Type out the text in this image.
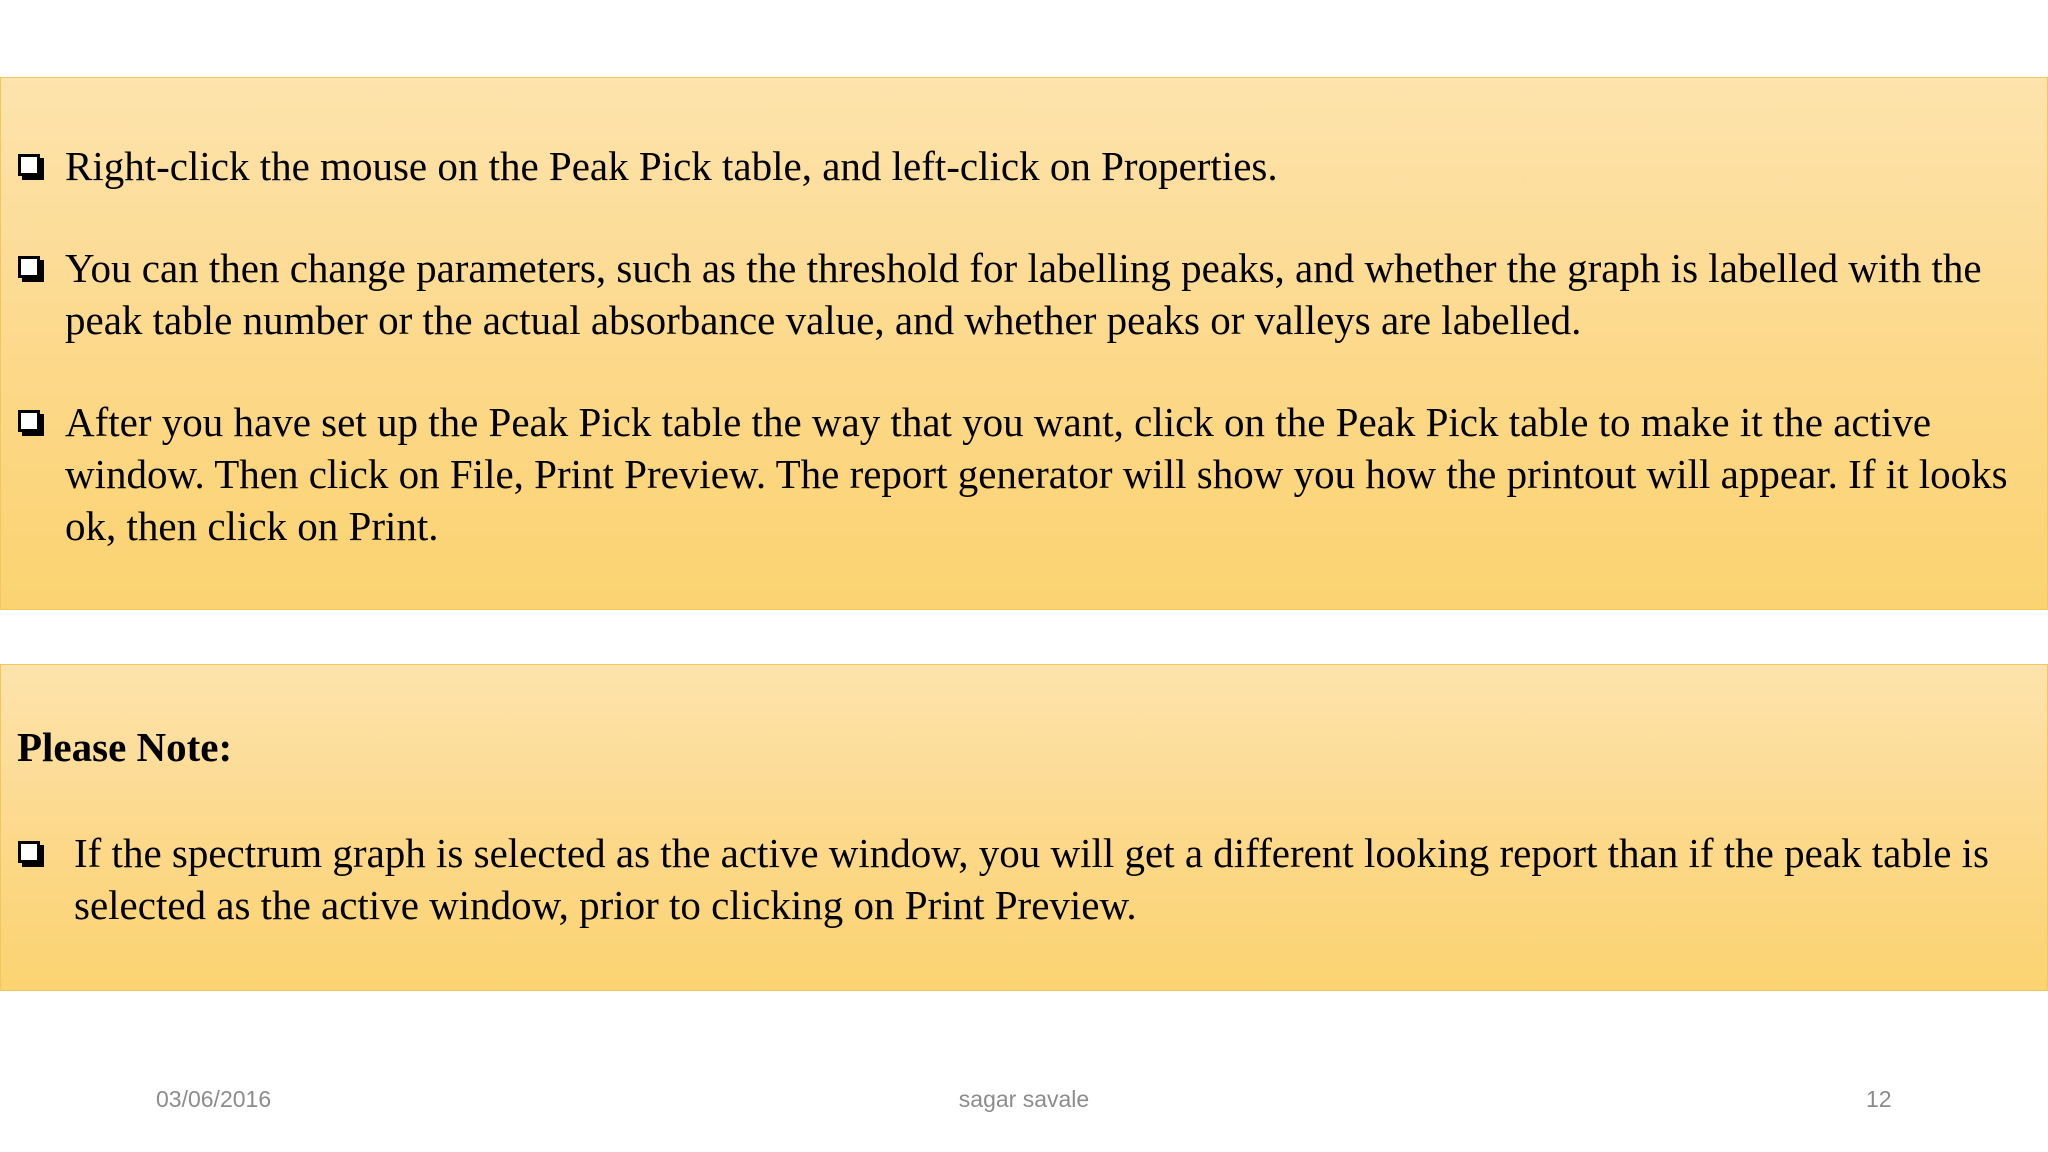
Right-click the mouse on the Peak Pick table, and left-click on Properties.
You can then change parameters, such as the threshold for labelling peaks, and whether the graph is labelled with the peak table number or the actual absorbance value, and whether peaks or valleys are labelled.
After you have set up the Peak Pick table the way that you want, click on the Peak Pick table to make it the active window. Then click on File, Print Preview. The report generator will show you how the printout will appear. If it looks ok, then click on Print.
Please Note:
If the spectrum graph is selected as the active window, you will get a different looking report than if the peak table is selected as the active window, prior to clicking on Print Preview.
03/06/2016	sagar savale	12
